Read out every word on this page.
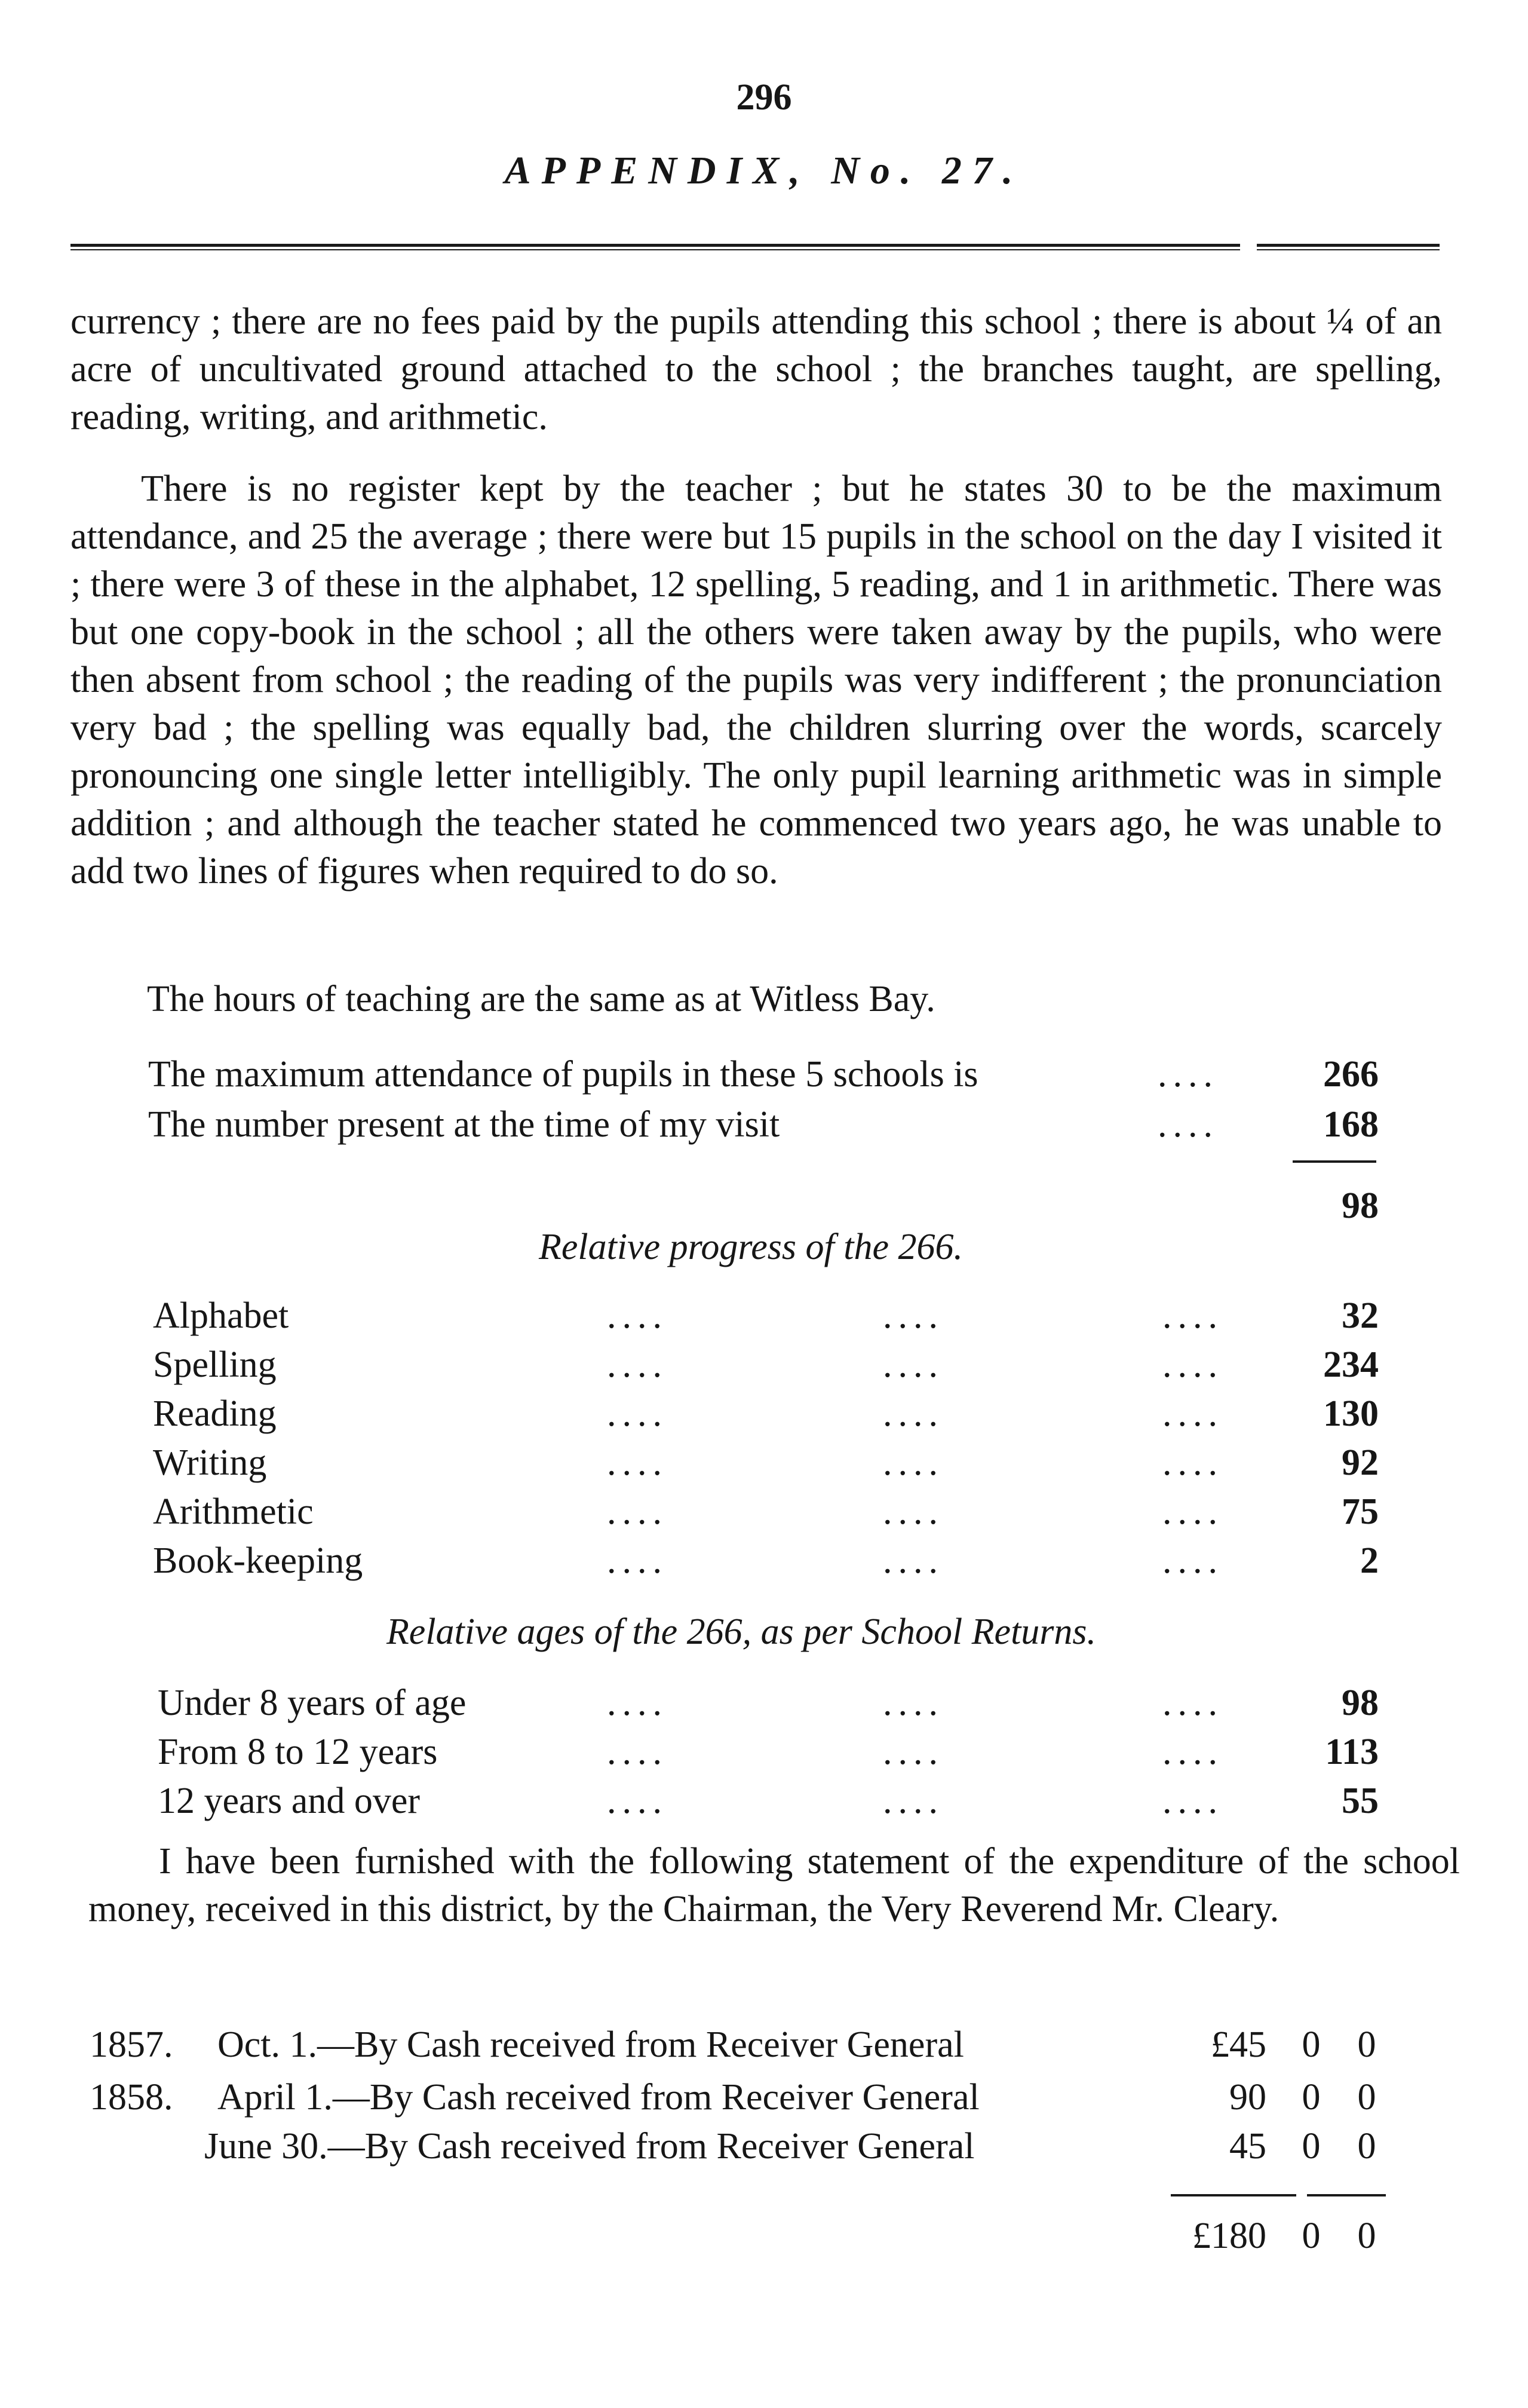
296
APPENDIX, No. 27.
currency ; there are no fees paid by the pupils attending this school ; there is about ¼ of an acre of uncultivated ground attached to the school ; the branches taught, are spelling, reading, writing, and arithmetic.
There is no register kept by the teacher ; but he states 30 to be the maximum attendance, and 25 the average ; there were but 15 pupils in the school on the day I visited it ; there were 3 of these in the alphabet, 12 spelling, 5 reading, and 1 in arithmetic. There was but one copy-book in the school ; all the others were taken away by the pupils, who were then absent from school ; the reading of the pupils was very indifferent ; the pronunciation very bad ; the spelling was equally bad, the children slurring over the words, scarcely pronouncing one single letter intelligibly. The only pupil learning arithmetic was in simple addition ; and although the teacher stated he commenced two years ago, he was unable to add two lines of figures when required to do so.
The hours of teaching are the same as at Witless Bay.
The maximum attendance of pupils in these 5 schools is	....	266
The number present at the time of my visit	....	168
98
Relative progress of the 266.
Alphabet	....	....	....	32
Spelling	....	....	....	234
Reading	....	....	....	130
Writing	....	....	....	92
Arithmetic	....	....	....	75
Book-keeping	....	....	....	2
Relative ages of the 266, as per School Returns.
Under 8 years of age	....	....	....	98
From 8 to 12 years	....	....	....	113
12 years and over	....	....	....	55
I have been furnished with the following statement of the expenditure of the school money, received in this district, by the Chairman, the Very Reverend Mr. Cleary.
1857. Oct. 1.—By Cash received from Receiver General	£45 0 0
1858. April 1.—By Cash received from Receiver General	90 0 0
June 30.—By Cash received from Receiver General	45 0 0
£180 0 0
